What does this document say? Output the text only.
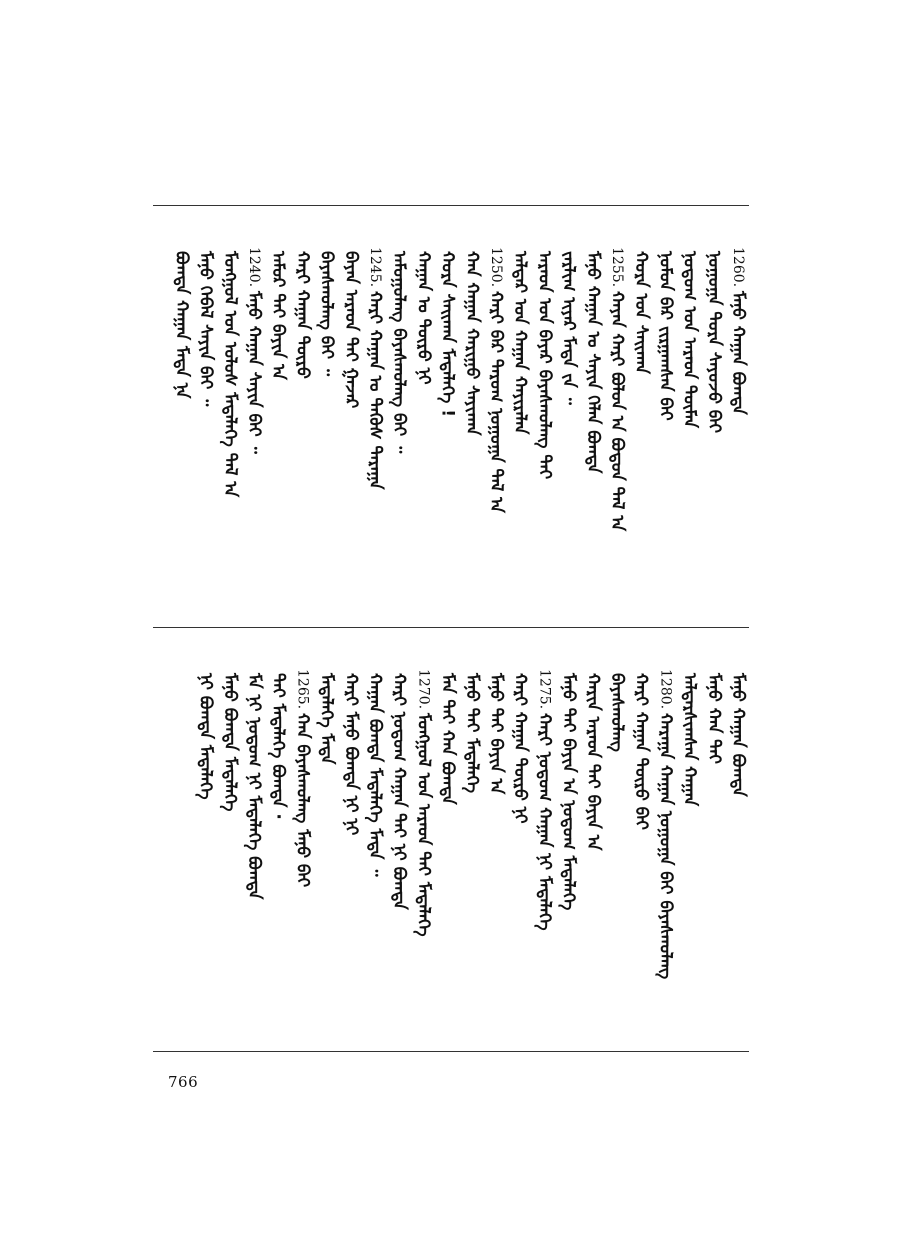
1260.
ᠮᠠᠨᠤ ᠬᠠᠭᠠᠨ ᠪᠣᠭᠳᠠ
ᠨᠤᠭᠤᠭᠠ ᠳᠤᠷᠠ ᠰᠠᠶᠤᠵᠤ ᠪᠠᠢ
ᠨᠤᠲᠤᠭ ᠤᠨ ᠠᠷᠠᠳ ᠲᠦᠮᠡᠨ
ᠨᠤᠮᠤᠨ ᠪᠠᠷ ᠵᠢᠷᠭᠠᠭᠰᠠᠨ ᠪᠠᠢ
ᠬᠤᠷᠠ ᠤᠨ ᠰᠠᠢᠬᠠᠨ
1255.
ᠬᠠᠶᠠᠨ ᠬᠠᠷᠢ ᠪᠤᠯᠤᠨ ᠠ ᠪᠤᠳᠤᠨ ᠲᠠᠯ ᠠ
ᠮᠠᠨᠤ ᠬᠠᠭᠠᠨ ᠤ ᠰᠠᠶᠢᠨ ᠬᠡᠯᠡᠨ ᠪᠣᠭᠳᠠ
ᠵᠠᠷᠯᠢᠭ ᠢᠶᠠᠷ ᠮᠡᠳᠡ ᠵᠡ ᠃
ᠠᠷᠠᠳ ᠤᠨ ᠪᠠᠶᠠᠷ ᠪᠠᠶᠠᠰᠬᠤᠯᠠᠩ ᠲᠠᠢ
ᠠᠯᠳᠠᠷ ᠤᠨ ᠬᠠᠭᠠᠨ ᠬᠠᠶᠢᠷᠠᠯᠠᠨ
1250.
ᠬᠠᠷᠢ ᠪᠠᠷ ᠳᠠᠷᠤᠭ ᠨᠤᠭᠤᠭᠠ ᠲᠠᠯ ᠠ
ᠬᠠᠨ ᠬᠠᠭᠠᠨ ᠬᠠᠷᠢᠭᠤ ᠰᠠᠶᠢᠬᠠᠨ
ᠬᠤᠷᠠ ᠰᠠᠢᠬᠠᠨ ᠮᠡᠳᠡᠯᠡᠭᠡ !
ᠬᠠᠭᠠᠨ ᠤ ᠲᠥᠷᠦ ᠨᠢ
ᠠᠮᠤᠭᠤᠯᠠᠩ ᠪᠠᠶᠠᠰᠬᠤᠯᠠᠩ ᠪᠠᠢ ᠃
1245.
ᠬᠠᠷᠢ ᠬᠠᠭᠠᠨ ᠤ ᠲᠡᠭᠦᠰ ᠲᠠᠷᠠᠭᠠ
ᠪᠠᠶᠠᠨ ᠠᠷᠠᠳ ᠲᠠᠢ ᠭᠠᠵᠠᠷ
ᠪᠠᠶᠠᠰᠬᠤᠯᠠᠩ ᠪᠠᠢ ᠃
ᠬᠠᠷᠢ ᠬᠠᠭᠠᠨ ᠲᠥᠷᠦ
ᠠᠮᠤᠷ ᠲᠠᠢ ᠪᠠᠶᠢᠨ ᠠ
1240.
ᠮᠠᠨᠤ ᠬᠠᠭᠠᠨ ᠰᠠᠶᠢᠨ ᠪᠠᠢ ᠃
ᠮᠣᠩᠭᠣᠯ ᠤᠨ ᠤᠯᠤᠰ ᠮᠡᠳᠡᠯᠡᠭᠡ ᠲᠠᠯ ᠠ
ᠮᠠᠨᠤ ᠬᠡᠪᠡᠯ ᠰᠠᠶᠢᠨ ᠪᠠᠢ ᠃
ᠪᠣᠭᠳᠠ ᠬᠠᠭᠠᠨ ᠮᠡᠳᠡ ᠨᠠ
ᠮᠠᠨᠤ ᠬᠠᠭᠠᠨ ᠪᠣᠭᠳᠠ
ᠮᠠᠨᠤ ᠬᠠᠨ ᠲᠠᠢ
ᠠᠯᠳᠠᠷᠰᠢᠭᠰᠠᠨ ᠬᠠᠭᠠᠨ
1280.
ᠬᠠᠷᠠᠭᠠ ᠬᠠᠭᠠᠨ ᠨᠤᠭᠤᠭᠠ ᠪᠠᠢ ᠪᠠᠶᠠᠰᠬᠤᠯᠠᠩ
ᠬᠠᠷᠢ ᠬᠠᠭᠠᠨ ᠲᠥᠷᠦ ᠪᠠᠢ
ᠪᠠᠶᠠᠰᠬᠤᠯᠠᠩ
ᠬᠠᠷᠢᠨ ᠠᠷᠠᠳ ᠲᠠᠢ ᠪᠠᠶᠢᠨ ᠠ
ᠮᠠᠨᠤ ᠲᠠᠢ ᠪᠠᠶᠢᠨ ᠠ ᠨᠤᠲᠤᠭ ᠮᠡᠳᠡᠯᠡᠭᠡ
1275.
ᠬᠠᠷᠢ ᠨᠤᠲᠤᠭ ᠬᠠᠭᠠᠨ ᠨᠢ ᠮᠡᠳᠡᠯᠡᠭᠡ
ᠬᠠᠷᠢ ᠬᠠᠭᠠᠨ ᠲᠥᠷᠦ ᠨᠢ
ᠮᠠᠨᠤ ᠲᠠᠢ ᠪᠠᠶᠢᠨ ᠠ
ᠮᠠᠨᠤ ᠲᠠᠢ ᠮᠡᠳᠡᠯᠡᠭᠡ
ᠮᠠᠨ ᠲᠠᠢ ᠬᠠᠨ ᠪᠣᠭᠳᠠ
1270.
ᠮᠣᠩᠭᠣᠯ ᠤᠨ ᠠᠷᠠᠳ ᠲᠠᠢ ᠮᠡᠳᠡᠯᠡᠭᠡ
ᠬᠠᠷᠢ ᠨᠤᠲᠤᠭ ᠬᠠᠭᠠᠨ ᠲᠠᠢ ᠨᠢ ᠪᠣᠭᠳᠠ
ᠬᠠᠭᠠᠨ ᠪᠣᠭᠳᠠ ᠮᠡᠳᠡᠯᠡᠭᠡ ᠮᠡᠳᠡ ᠃
ᠬᠠᠷᠢ ᠮᠠᠨᠤ ᠪᠣᠭᠳᠠ ᠨᠢ ᠨᠢ
ᠮᠡᠳᠡᠯᠡᠭᠡ ᠮᠡᠳᠡ
1265.
ᠬᠠᠨ ᠪᠠᠶᠠᠰᠬᠤᠯᠠᠩ ᠮᠠᠨᠤ ᠪᠠᠢ
ᠲᠠᠢ ᠮᠡᠳᠡᠯᠡᠭᠡ ᠪᠣᠭᠳᠠ ·
ᠮᠠ ᠨᠢ ᠨᠤᠲᠤᠭ ᠨᠢ ᠮᠡᠳᠡᠯᠡᠭᠡ ᠪᠣᠭᠳᠠ
ᠮᠠᠨᠤ ᠪᠣᠭᠳᠠ ᠮᠡᠳᠡᠯᠡᠭᠡ
ᠨᠢ ᠪᠣᠭᠳᠠ ᠮᠡᠳᠡᠯᠡᠭᠡ
766
